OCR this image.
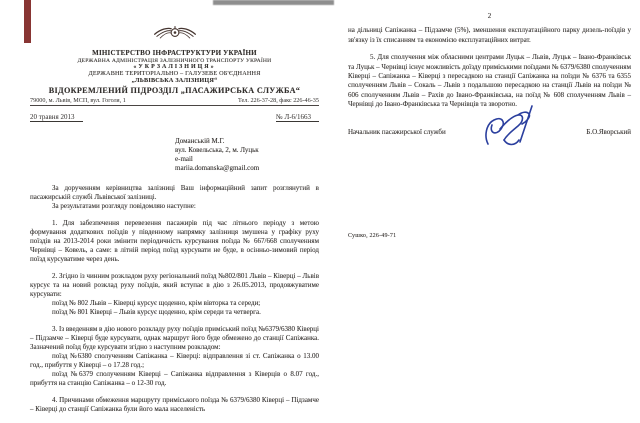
МІНІСТЕРСТВО ІНФРАСТРУКТУРИ УКРАЇНИ
ДЕРЖАВНА АДМІНІСТРАЦІЯ ЗАЛІЗНИЧНОГО ТРАНСПОРТУ УКРАЇНИ
«УКРЗАЛІЗНИЦЯ»
ДЕРЖАВНЕ ТЕРИТОРІАЛЬНО – ГАЛУЗЕВЕ ОБ'ЄДНАННЯ
„ЛЬВІВСЬКА ЗАЛІЗНИЦЯ“
ВІДОКРЕМЛЕНИЙ ПІДРОЗДІЛ „ПАСАЖИРСЬКА СЛУЖБА“
79000, м. Львів, МСП, вул. Гоголя, 1	Тел. 226-37-28, факс 226-46-35
20 травня 2013	№ Л-6/1663
Доманській М.Г.
вул. Ковельська, 2, м. Луцьк
e-mail
mariia.domanska@gmail.com

За дорученням керівництва залізниці Ваш інформаційний запит розглянутий в пасажирській службі Львівської залізниці.

За результатами розгляду повідомляю наступне:

1. Для забезпечення перевезення пасажирів під час літнього періоду з метою формування додаткових поїздів у південному напрямку залізниця змушена у графіку руху поїздів на 2013-2014 роки змінити періодичність курсування поїзда № 667/668 сполученням Чернівці – Ковель, а саме: в літній період поїзд курсувати не буде, в осінньо-зимовий період поїзд курсуватиме через день.

2. Згідно із чинним розкладом руху регіональний поїзд №802/801 Львів – Ківерці – Львів курсує та на новий розклад руху поїздів, який вступає в дію з 26.05.2013, продовжуватиме курсувати:

поїзд № 802 Львів – Ківерці курсує щоденно, крім вівторка та середи;

поїзд № 801 Ківерці – Львів курсує щоденно, крім середи та четверга.

3. Із введенням в дію нового розкладу руху поїздів приміський поїзд №6379/6380 Ківерці – Підзамче – Ківерці буде курсувати, однак маршрут його буде обмежено до станції Сапіжанка. Зазначений поїзд буде курсувати згідно з наступним розкладом:

поїзд №6380 сполученням Сапіжанка – Ківерці: відправлення зі ст. Сапіжанка о 13.00 год., прибуття у Ківерці – о 17.28 год.;

поїзд №6379 сполученням Ківерці – Сапіжанка відправлення з Ківерців о 8.07 год., прибуття на станцію Сапіжанка – о 12-30 год.

4. Причинами обмеження маршруту приміського поїзда № 6379/6380 Ківерці – Підзамче – Ківерці до станції Сапіжанка були його мала населеність

2

на дільниці Сапіжанка – Підзамче (5%), зменшення експлуатаційного парку дизель-поїздів у зв'язку із їх списанням та економією експлуатаційних витрат.

5. Для сполучення між обласними центрами Луцьк – Львів, Луцьк – Івано-Франківськ та Луцьк – Чернівці існує можливість доїзду приміськими поїздами № 6379/6380 сполученням Ківерці – Сапіжанка – Ківерці з пересадкою на станції Сапіжанка на поїзди № 6376 та 6355 сполученням Львів – Сокаль – Львів з подальшою пересадкою на станції Львів на поїзди № 606 сполученням Львів – Рахів до Івано-Франківська, на поїзд № 608 сполученням Львів – Чернівці до Івано-Франківська та Чернівців та зворотно.

Начальник пасажирської служби	Б.О.Яворський
Сушко, 226-49-71
